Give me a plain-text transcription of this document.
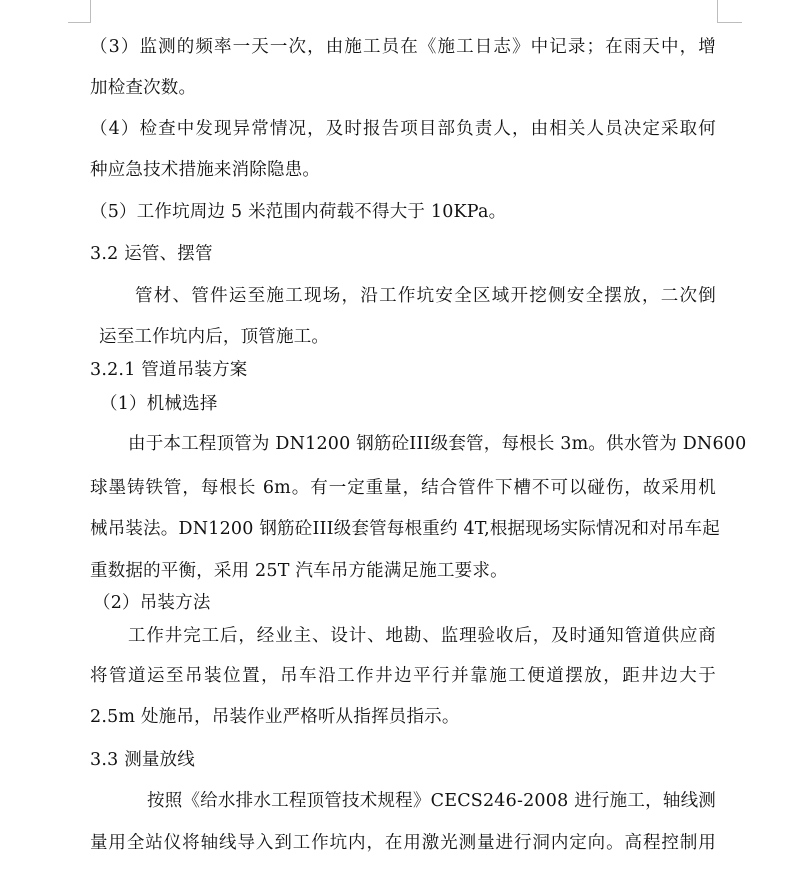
（3）监测的频率一天一次，由施工员在《施工日志》中记录；在雨天中，增
加检查次数。
（4）检查中发现异常情况，及时报告项目部负责人，由相关人员决定采取何
种应急技术措施来消除隐患。
（5）工作坑周边 5 米范围内荷载不得大于 10KPa。
3.2 运管、摆管
管材、管件运至施工现场，沿工作坑安全区域开挖侧安全摆放，二次倒
运至工作坑内后，顶管施工。
3.2.1 管道吊装方案
（1）机械选择
由于本工程顶管为 DN1200 钢筋砼III级套管，每根长 3m。供水管为 DN600
球墨铸铁管，每根长 6m。有一定重量，结合管件下槽不可以碰伤，故采用机
械吊装法。DN1200 钢筋砼III级套管每根重约 4T,根据现场实际情况和对吊车起
重数据的平衡，采用 25T 汽车吊方能满足施工要求。
（2）吊装方法
工作井完工后，经业主、设计、地勘、监理验收后，及时通知管道供应商
将管道运至吊装位置，吊车沿工作井边平行并靠施工便道摆放，距井边大于
2.5m 处施吊，吊装作业严格听从指挥员指示。
3.3 测量放线
按照《给水排水工程顶管技术规程》CECS246-2008 进行施工，轴线测
量用全站仪将轴线导入到工作坑内，在用激光测量进行洞内定向。高程控制用
